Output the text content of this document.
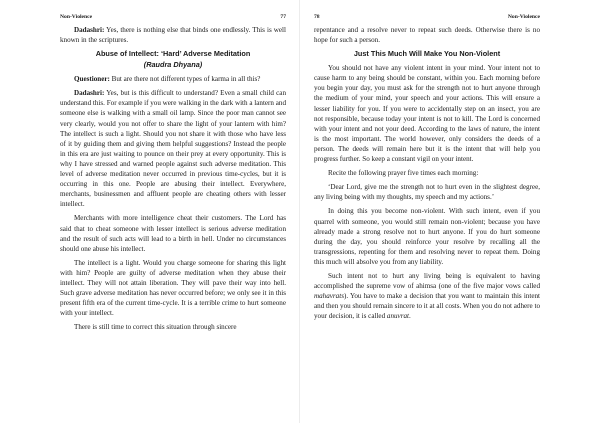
Non-Violence	77

Dadashri: Yes, there is nothing else that binds one endlessly. This is well known in the scriptures.

Abuse of Intellect: ‘Hard’ Adverse Meditation
(Raudra Dhyana)

Questioner: But are there not different types of karma in all this?

Dadashri: Yes, but is this difficult to understand? Even a small child can understand this. For example if you were walking in the dark with a lantern and someone else is walking with a small oil lamp. Since the poor man cannot see very clearly, would you not offer to share the light of your lantern with him? The intellect is such a light. Should you not share it with those who have less of it by guiding them and giving them helpful suggestions? Instead the people in this era are just waiting to pounce on their prey at every opportunity. This is why I have stressed and warned people against such adverse meditation. This level of adverse meditation never occurred in previous time-cycles, but it is occurring in this one. People are abusing their intellect. Everywhere, merchants, businessmen and affluent people are cheating others with lesser intellect.

Merchants with more intelligence cheat their customers. The Lord has said that to cheat someone with lesser intellect is serious adverse meditation and the result of such acts will lead to a birth in hell. Under no circumstances should one abuse his intellect.

The intellect is a light. Would you charge someone for sharing this light with him? People are guilty of adverse meditation when they abuse their intellect. They will not attain liberation. They will pave their way into hell. Such grave adverse meditation has never occurred before; we only see it in this present fifth era of the current time-cycle. It is a terrible crime to hurt someone with your intellect.

There is still time to correct this situation through sincere

78	Non-Violence

repentance and a resolve never to repeat such deeds. Otherwise there is no hope for such a person.

Just This Much Will Make You Non-Violent

You should not have any violent intent in your mind. Your intent not to cause harm to any being should be constant, within you. Each morning before you begin your day, you must ask for the strength not to hurt anyone through the medium of your mind, your speech and your actions. This will ensure a lesser liability for you. If you were to accidentally step on an insect, you are not responsible, because today your intent is not to kill. The Lord is concerned with your intent and not your deed. According to the laws of nature, the intent is the most important. The world however, only considers the deeds of a person. The deeds will remain here but it is the intent that will help you progress further. So keep a constant vigil on your intent.

Recite the following prayer five times each morning:

‘Dear Lord, give me the strength not to hurt even in the slightest degree, any living being with my thoughts, my speech and my actions.’

In doing this you become non-violent. With such intent, even if you quarrel with someone, you would still remain non-violent; because you have already made a strong resolve not to hurt anyone. If you do hurt someone during the day, you should reinforce your resolve by recalling all the transgressions, repenting for them and resolving never to repeat them. Doing this much will absolve you from any liability.

Such intent not to hurt any living being is equivalent to having accomplished the supreme vow of ahimsa (one of the five major vows called mahavrats). You have to make a decision that you want to maintain this intent and then you should remain sincere to it at all costs. When you do not adhere to your decision, it is called anuvrat.
